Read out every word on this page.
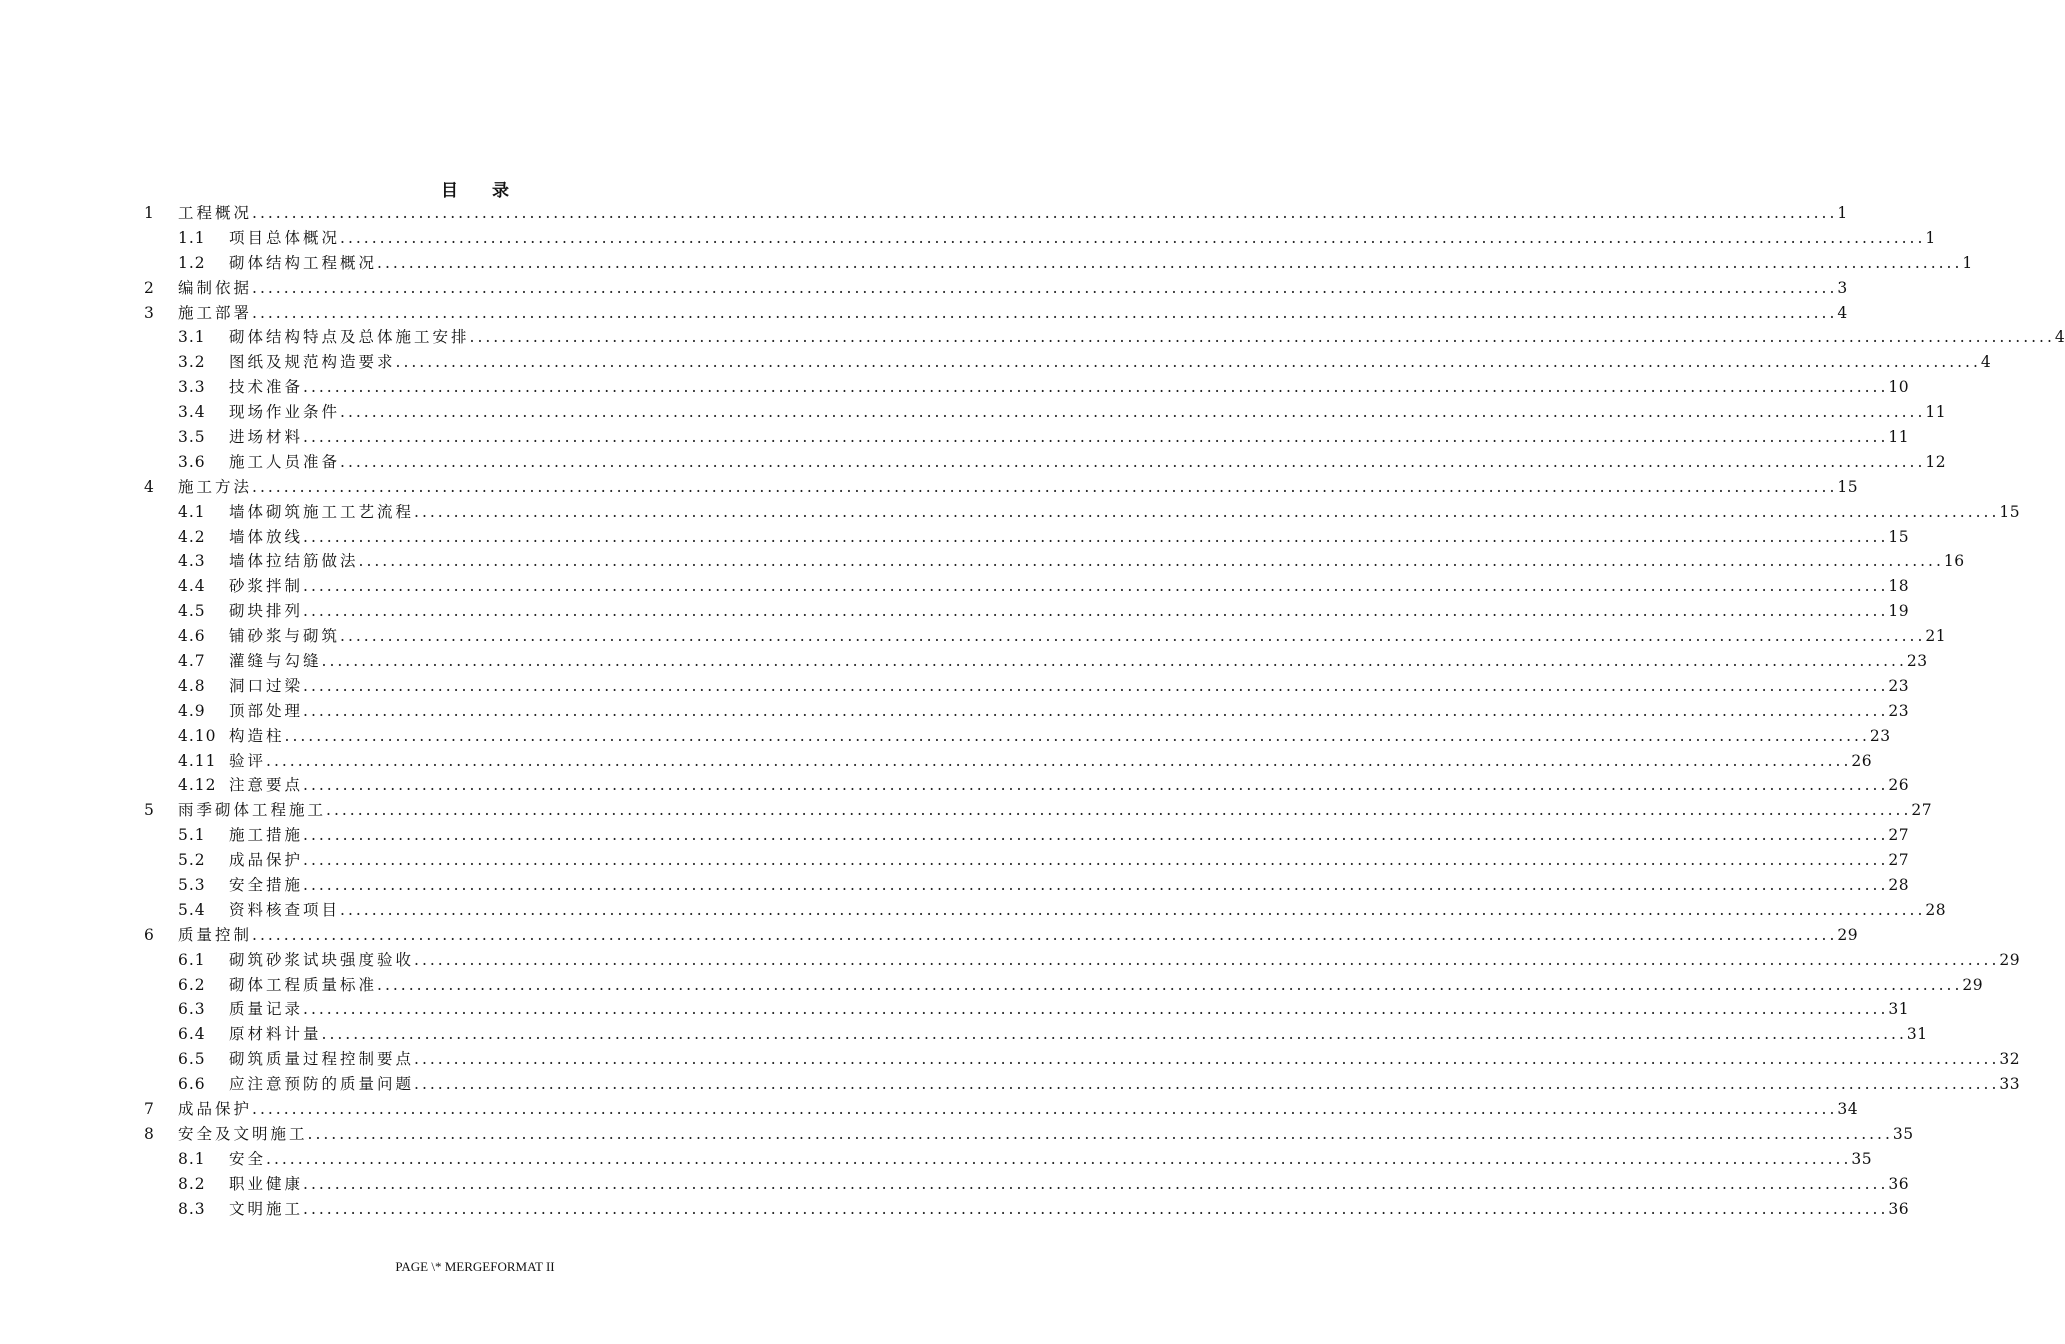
目 录
1	工程概况 ........................................................................................................................................................................................................ 1
1.1	项目总体概况 ........................................................................................................................................................................................................ 1
1.2	砌体结构工程概况 ........................................................................................................................................................................................................ 1
2	编制依据 ........................................................................................................................................................................................................ 3
3	施工部署 ........................................................................................................................................................................................................ 4
3.1	砌体结构特点及总体施工安排 ........................................................................................................................................................................................................ 4
3.2	图纸及规范构造要求 ........................................................................................................................................................................................................ 4
3.3	技术准备 ........................................................................................................................................................................................................ 10
3.4	现场作业条件 ........................................................................................................................................................................................................ 11
3.5	进场材料 ........................................................................................................................................................................................................ 11
3.6	施工人员准备 ........................................................................................................................................................................................................ 12
4	施工方法 ........................................................................................................................................................................................................ 15
4.1	墙体砌筑施工工艺流程 ........................................................................................................................................................................................................ 15
4.2	墙体放线 ........................................................................................................................................................................................................ 15
4.3	墙体拉结筋做法 ........................................................................................................................................................................................................ 16
4.4	砂浆拌制 ........................................................................................................................................................................................................ 18
4.5	砌块排列 ........................................................................................................................................................................................................ 19
4.6	铺砂浆与砌筑 ........................................................................................................................................................................................................ 21
4.7	灌缝与勾缝 ........................................................................................................................................................................................................ 23
4.8	洞口过梁 ........................................................................................................................................................................................................ 23
4.9	顶部处理 ........................................................................................................................................................................................................ 23
4.10 构造柱 ........................................................................................................................................................................................................ 23
4.11 验评 ........................................................................................................................................................................................................ 26
4.12 注意要点 ........................................................................................................................................................................................................ 26
5	雨季砌体工程施工 ........................................................................................................................................................................................................ 27
5.1	施工措施 ........................................................................................................................................................................................................ 27
5.2	成品保护 ........................................................................................................................................................................................................ 27
5.3	安全措施 ........................................................................................................................................................................................................ 28
5.4	资料核查项目 ........................................................................................................................................................................................................ 28
6	质量控制 ........................................................................................................................................................................................................ 29
6.1	砌筑砂浆试块强度验收 ........................................................................................................................................................................................................ 29
6.2	砌体工程质量标准 ........................................................................................................................................................................................................ 29
6.3	质量记录 ........................................................................................................................................................................................................ 31
6.4	原材料计量 ........................................................................................................................................................................................................ 31
6.5	砌筑质量过程控制要点 ........................................................................................................................................................................................................ 32
6.6	应注意预防的质量问题 ........................................................................................................................................................................................................ 33
7	成品保护 ........................................................................................................................................................................................................ 34
8	安全及文明施工 ........................................................................................................................................................................................................ 35
8.1	安全 ........................................................................................................................................................................................................ 35
8.2	职业健康 ........................................................................................................................................................................................................ 36
8.3	文明施工 ........................................................................................................................................................................................................ 36
PAGE \* MERGEFORMAT II
